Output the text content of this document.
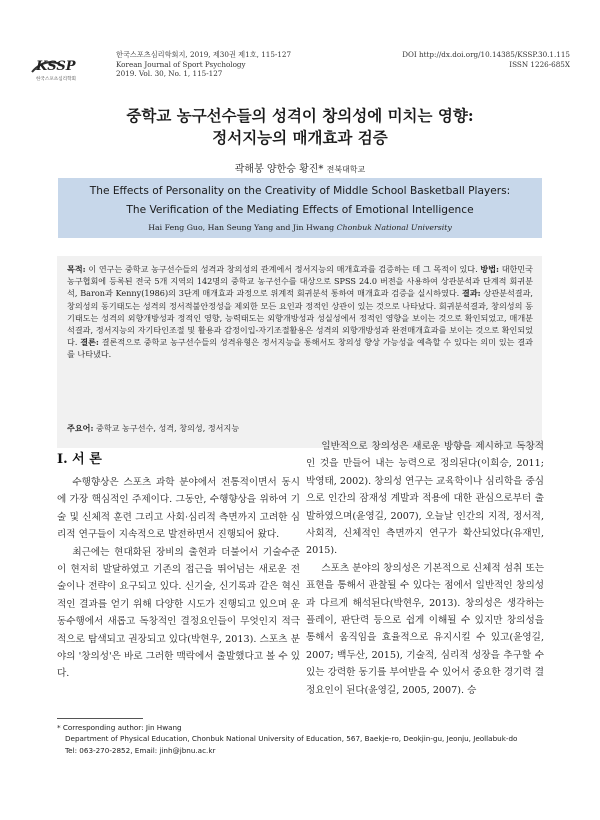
KSSP
한국스포츠심리학회
한국스포츠심리학회지, 2019, 제30권 제1호, 115-127
Korean Journal of Sport Psychology
2019. Vol. 30, No. 1, 115-127
DOI http://dx.doi.org/10.14385/KSSP.30.1.115
ISSN 1226-685X
중학교 농구선수들의 성격이 창의성에 미치는 영향:
정서지능의 매개효과 검증
곽해봉 양한승 황진* 전북대학교
The Effects of Personality on the Creativity of Middle School Basketball Players:
The Verification of the Mediating Effects of Emotional Intelligence
Hai Feng Guo, Han Seung Yang and Jin Hwang Chonbuk National University
목적: 이 연구는 중학교 농구선수들의 성격과 창의성의 관계에서 정서지능의 매개효과를 검증하는 데 그 목적이 있다. 방법: 대한민국농구협회에 등록된 전국 5개 지역의 142명의 중학교 농구선수를 대상으로 SPSS 24.0 버전을 사용하여 상관분석과 단계적 회귀분석, Baron과 Kenny(1986)의 3단계 매개효과 과정으로 위계적 회귀분석 통하여 매개효과 검증을 실시하였다. 결과: 상관분석결과, 창의성의 동기태도는 성격의 정서적불안정성을 제외한 모든 요인과 정적인 상관이 있는 것으로 나타났다. 회귀분석결과, 창의성의 동기태도는 성격의 외향개방성과 정적인 영향, 능력태도는 외향개방성과 성실성에서 정적인 영향을 보이는 것으로 확인되었고, 매개분석결과, 정서지능의 자기타인조절 및 활용과 감정이입-자기조절활용은 성격의 외향개방성과 완전매개효과를 보이는 것으로 확인되었다. 결론: 결론적으로 중학교 농구선수들의 성격유형은 정서지능을 통해서도 창의성 향상 가능성을 예측할 수 있다는 의미 있는 결과를 나타냈다.
주요어: 중학교 농구선수, 성격, 창의성, 정서지능
I. 서 론

수행향상은 스포츠 과학 분야에서 전통적이면서 동시에 가장 핵심적인 주제이다. 그동안, 수행향상을 위하여 기술 및 신체적 훈련 그리고 사회·심리적 측면까지 고려한 심리적 연구들이 지속적으로 발전하면서 진행되어 왔다.

최근에는 현대화된 장비의 출현과 더불어서 기술수준이 현저히 발달하였고 기존의 접근을 뛰어넘는 새로운 전술이나 전략이 요구되고 있다. 신기술, 신기록과 같은 혁신적인 결과를 얻기 위해 다양한 시도가 진행되고 있으며 운동수행에서 새롭고 독창적인 결정요인들이 무엇인지 적극적으로 탐색되고 권장되고 있다(박현우, 2013). 스포츠 분야의 '창의성'은 바로 그러한 맥락에서 출발했다고 볼 수 있다.

일반적으로 창의성은 새로운 방향을 제시하고 독창적인 것을 만들어 내는 능력으로 정의된다(이희승, 2011; 박영태, 2002). 창의성 연구는 교육학이나 심리학을 중심으로 인간의 잠재성 계발과 적용에 대한 관심으로부터 출발하였으며(윤영길, 2007), 오늘날 인간의 지적, 정서적, 사회적, 신체적인 측면까지 연구가 확산되었다(유재민, 2015).

스포츠 분야의 창의성은 기본적으로 신체적 섬취 또는 표현을 통해서 관찰될 수 있다는 점에서 일반적인 창의성과 다르게 해석된다(박현우, 2013). 창의성은 생각하는 플레이, 판단력 등으로 쉽게 이해될 수 있지만 창의성을 통해서 움직임을 효율적으로 유지시킬 수 있고(윤영길, 2007; 백두산, 2015), 기술적, 심리적 성장을 추구할 수 있는 강력한 동기를 부여받을 수 있어서 중요한 경기력 결정요인이 된다(윤영길, 2005, 2007). 승

* Corresponding author: Jin Hwang
Department of Physical Education, Chonbuk National University of Education, 567, Baekje-ro, Deokjin-gu, Jeonju, Jeollabuk-do
Tel: 063-270-2852, Email: jinh@jbnu.ac.kr
